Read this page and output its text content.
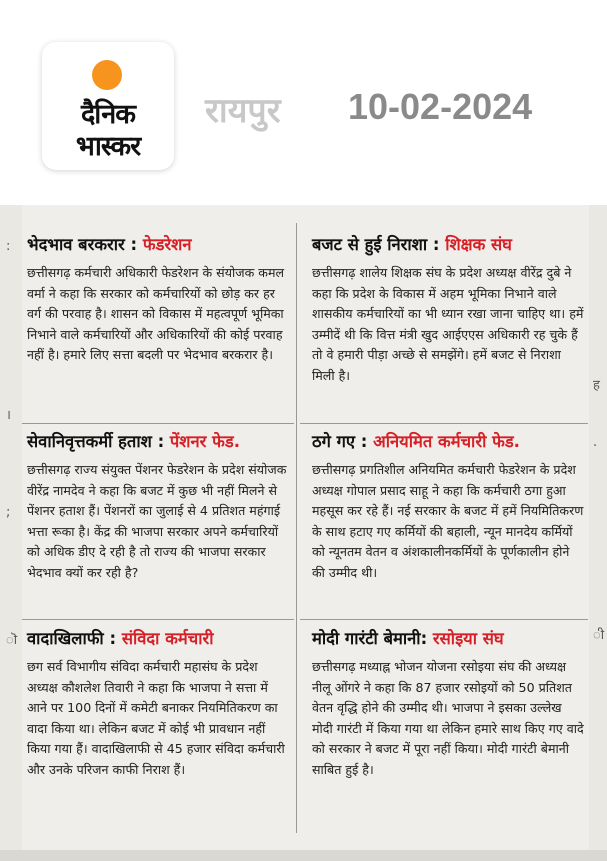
दैनिक
भास्कर
रायपुर 10-02-2024
:
।
;
ॊ
ह
.
ी
भेदभाव बरकरार : फेडरेशन
छत्तीसगढ़ कर्मचारी अधिकारी फेडरेशन के संयोजक कमल वर्मा ने कहा कि सरकार को कर्मचारियों को छोड़ कर हर वर्ग की परवाह है। शासन को विकास में महत्वपूर्ण भूमिका निभाने वाले कर्मचारियों और अधिकारियों की कोई परवाह नहीं है। हमारे लिए सत्ता बदली पर भेदभाव बरकरार है।
बजट से हुई निराशा : शिक्षक संघ
छत्तीसगढ़ शालेय शिक्षक संघ के प्रदेश अध्यक्ष वीरेंद्र दुबे ने कहा कि प्रदेश के विकास में अहम भूमिका निभाने वाले शासकीय कर्मचारियों का भी ध्यान रखा जाना चाहिए था। हमें उम्मीदें थी कि वित्त मंत्री खुद आईएएस अधिकारी रह चुके हैं तो वे हमारी पीड़ा अच्छे से समझेंगे। हमें बजट से निराशा मिली है।
सेवानिवृत्तकर्मी हताश : पेंशनर फेड.
छत्तीसगढ़ राज्य संयुक्त पेंशनर फेडरेशन के प्रदेश संयोजक वीरेंद्र नामदेव ने कहा कि बजट में कुछ भी नहीं मिलने से पेंशनर हताश हैं। पेंशनरों का जुलाई से 4 प्रतिशत महंगाई भत्ता रूका है। केंद्र की भाजपा सरकार अपने कर्मचारियों को अधिक डीए दे रही है तो राज्य की भाजपा सरकार भेदभाव क्यों कर रही है?
ठगे गए : अनियमित कर्मचारी फेड.
छत्तीसगढ़ प्रगतिशील अनियमित कर्मचारी फेडरेशन के प्रदेश अध्यक्ष गोपाल प्रसाद साहू ने कहा कि कर्मचारी ठगा हुआ महसूस कर रहे हैं। नई सरकार के बजट में हमें नियमितिकरण के साथ हटाए गए कर्मियों की बहाली, न्यून मानदेय कर्मियों को न्यूनतम वेतन व अंशकालीनकर्मियों के पूर्णकालीन होने की उम्मीद थी।
वादाखिलाफी : संविदा कर्मचारी
छग सर्व विभागीय संविदा कर्मचारी महासंघ के प्रदेश अध्यक्ष कौशलेश तिवारी ने कहा कि भाजपा ने सत्ता में आने पर 100 दिनों में कमेटी बनाकर नियमितिकरण का वादा किया था। लेकिन बजट में कोई भी प्रावधान नहीं किया गया हैं। वादाखिलाफी से 45 हजार संविदा कर्मचारी और उनके परिजन काफी निराश हैं।
मोदी गारंटी बेमानी: रसोइया संघ
छत्तीसगढ़ मध्याह्न भोजन योजना रसोइया संघ की अध्यक्ष नीलू ओंगरे ने कहा कि 87 हजार रसोइयों को 50 प्रतिशत वेतन वृद्धि होने की उम्मीद थी। भाजपा ने इसका उल्लेख मोदी गारंटी में किया गया था लेकिन हमारे साथ किए गए वादे को सरकार ने बजट में पूरा नहीं किया। मोदी गारंटी बेमानी साबित हुई है।
